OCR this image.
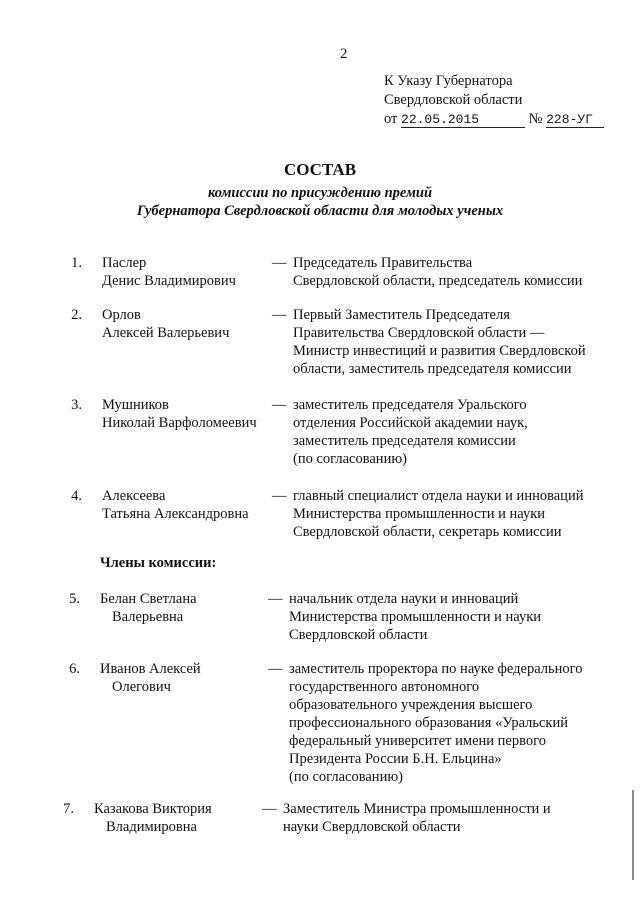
2
К Указу Губернатора
Свердловской области
от 22.05.2015	№ 228-УГ
СОСТАВ
комиссии по присуждению премий
Губернатора Свердловской области для молодых ученых
1. Паслер
Денис Владимирович
— Председатель Правительства
Свердловской области, председатель комиссии
2. Орлов
Алексей Валерьевич
— Первый Заместитель Председателя
Правительства Свердловской области —
Министр инвестиций и развития Свердловской
области, заместитель председателя комиссии
3. Мушников
Николай Варфоломеевич
— заместитель председателя Уральского
отделения Российской академии наук,
заместитель председателя комиссии
(по согласованию)
4. Алексеева
Татьяна Александровна
— главный специалист отдела науки и инноваций
Министерства промышленности и науки
Свердловской области, секретарь комиссии
Члены комиссии:
5. Белан Светлана
Валерьевна
— начальник отдела науки и инноваций
Министерства промышленности и науки
Свердловской области
6. Иванов Алексей
Олегович
— заместитель проректора по науке федерального
государственного автономного
образовательного учреждения высшего
профессионального образования «Уральский
федеральный университет имени первого
Президента России Б.Н. Ельцина»
(по согласованию)
7. Казакова Виктория
Владимировна
— Заместитель Министра промышленности и
науки Свердловской области
